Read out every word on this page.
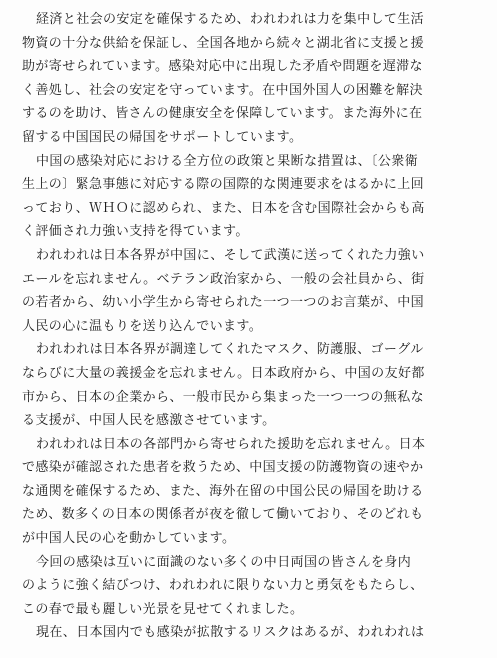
経済と社会の安定を確保するため、われわれは力を集中して生活
物資の十分な供給を保証し、全国各地から続々と湖北省に支援と援
助が寄せられています。感染対応中に出現した矛盾や問題を遅滞な
く善処し、社会の安定を守っています。在中国外国人の困難を解決
するのを助け、皆さんの健康安全を保障しています。また海外に在
留する中国国民の帰国をサポートしています。
中国の感染対応における全方位の政策と果断な措置は、〔公衆衛
生上の〕緊急事態に対応する際の国際的な関連要求をはるかに上回
っており、ＷＨＯに認められ、また、日本を含む国際社会からも高
く評価され力強い支持を得ています。
われわれは日本各界が中国に、そして武漢に送ってくれた力強い
エールを忘れません。ベテラン政治家から、一般の会社員から、街
の若者から、幼い小学生から寄せられた一つ一つのお言葉が、中国
人民の心に温もりを送り込んでいます。
われわれは日本各界が調達してくれたマスク、防護服、ゴーグル
ならびに大量の義援金を忘れません。日本政府から、中国の友好都
市から、日本の企業から、一般市民から集まった一つ一つの無私な
る支援が、中国人民を感激させています。
われわれは日本の各部門から寄せられた援助を忘れません。日本
で感染が確認された患者を救うため、中国支援の防護物資の速やか
な通関を確保するため、また、海外在留の中国公民の帰国を助ける
ため、数多くの日本の関係者が夜を徹して働いており、そのどれも
が中国人民の心を動かしています。
今回の感染は互いに面識のない多くの中日両国の皆さんを身内
のように強く結びつけ、われわれに限りない力と勇気をもたらし、
この春で最も麗しい光景を見せてくれました。
現在、日本国内でも感染が拡散するリスクはあるが、われわれは
